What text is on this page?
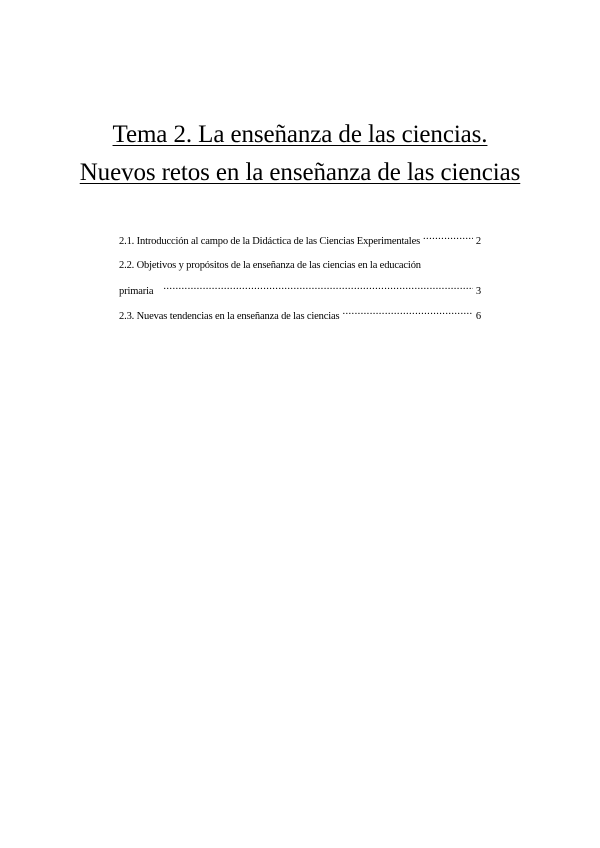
Tema 2. La enseñanza de las ciencias.
Nuevos retos en la enseñanza de las ciencias
2.1. Introducción al campo de la Didáctica de las Ciencias Experimentales .....	2
2.2. Objetivos y propósitos de la enseñanza de las ciencias en la educación
primaria .....	3
2.3. Nuevas tendencias en la enseñanza de las ciencias .....	6
